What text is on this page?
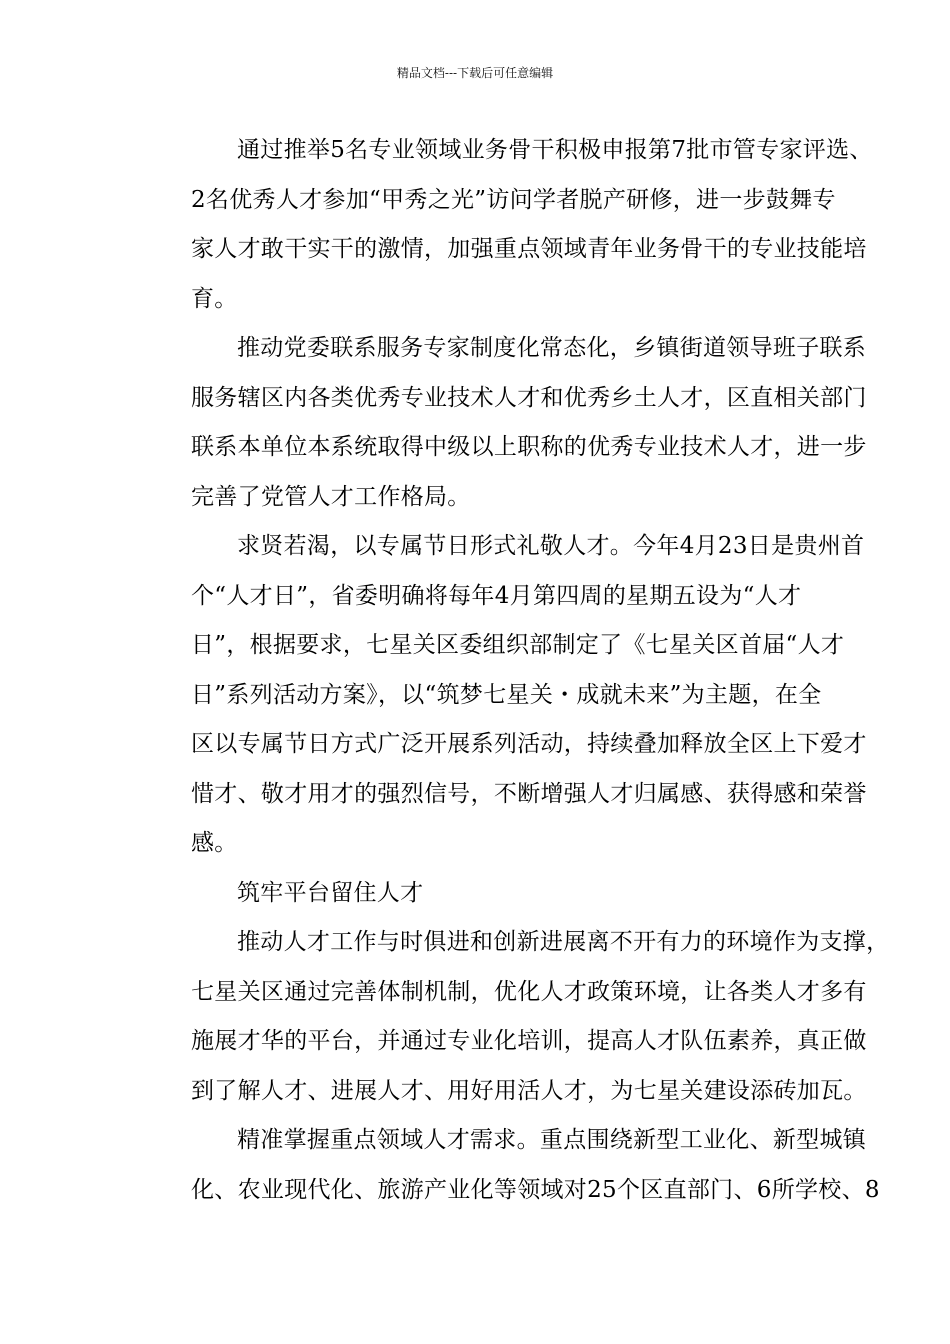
精品文档---下载后可任意编辑
通过推举5名专业领域业务骨干积极申报第7批市管专家评选、
2名优秀人才参加“甲秀之光”访问学者脱产研修，进一步鼓舞专
家人才敢干实干的激情，加强重点领域青年业务骨干的专业技能培
育。
推动党委联系服务专家制度化常态化，乡镇街道领导班子联系
服务辖区内各类优秀专业技术人才和优秀乡土人才，区直相关部门
联系本单位本系统取得中级以上职称的优秀专业技术人才，进一步
完善了党管人才工作格局。
求贤若渴，以专属节日形式礼敬人才。今年4月23日是贵州首
个“人才日”，省委明确将每年4月第四周的星期五设为“人才
日”，根据要求，七星关区委组织部制定了《七星关区首届“人才
日”系列活动方案》，以“筑梦七星关・成就未来”为主题，在全
区以专属节日方式广泛开展系列活动，持续叠加释放全区上下爱才
惜才、敬才用才的强烈信号，不断增强人才归属感、获得感和荣誉
感。
筑牢平台留住人才
推动人才工作与时俱进和创新进展离不开有力的环境作为支撑，
七星关区通过完善体制机制，优化人才政策环境，让各类人才多有
施展才华的平台，并通过专业化培训，提高人才队伍素养，真正做
到了解人才、进展人才、用好用活人才，为七星关建设添砖加瓦。
精准掌握重点领域人才需求。重点围绕新型工业化、新型城镇
化、农业现代化、旅游产业化等领域对25个区直部门、6所学校、8
